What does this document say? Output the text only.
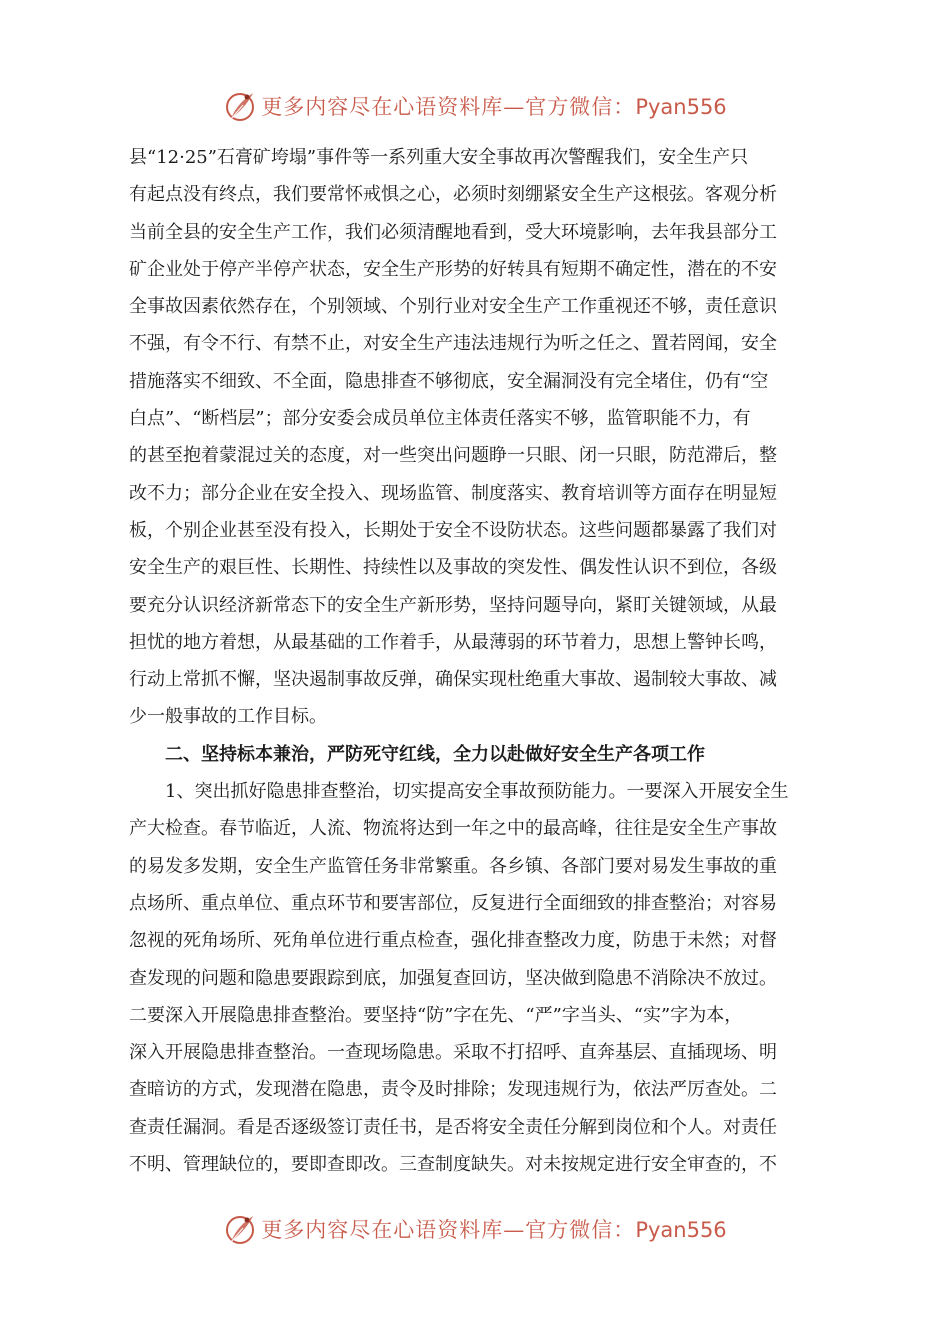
更多内容尽在心语资料库—官方微信：Pyan556
县“12·25”石膏矿垮塌”事件等一系列重大安全事故再次警醒我们，安全生产只
有起点没有终点，我们要常怀戒惧之心，必须时刻绷紧安全生产这根弦。客观分析
当前全县的安全生产工作，我们必须清醒地看到，受大环境影响，去年我县部分工
矿企业处于停产半停产状态，安全生产形势的好转具有短期不确定性，潜在的不安
全事故因素依然存在，个别领域、个别行业对安全生产工作重视还不够，责任意识
不强，有令不行、有禁不止，对安全生产违法违规行为听之任之、置若罔闻，安全
措施落实不细致、不全面，隐患排查不够彻底，安全漏洞没有完全堵住，仍有“空
白点”、“断档层”；部分安委会成员单位主体责任落实不够，监管职能不力，有
的甚至抱着蒙混过关的态度，对一些突出问题睁一只眼、闭一只眼，防范滞后，整
改不力；部分企业在安全投入、现场监管、制度落实、教育培训等方面存在明显短
板，个别企业甚至没有投入，长期处于安全不设防状态。这些问题都暴露了我们对
安全生产的艰巨性、长期性、持续性以及事故的突发性、偶发性认识不到位，各级
要充分认识经济新常态下的安全生产新形势，坚持问题导向，紧盯关键领域，从最
担忧的地方着想，从最基础的工作着手，从最薄弱的环节着力，思想上警钟长鸣，
行动上常抓不懈，坚决遏制事故反弹，确保实现杜绝重大事故、遏制较大事故、减
少一般事故的工作目标。
二、坚持标本兼治，严防死守红线，全力以赴做好安全生产各项工作
1、突出抓好隐患排查整治，切实提高安全事故预防能力。一要深入开展安全生
产大检查。春节临近，人流、物流将达到一年之中的最高峰，往往是安全生产事故
的易发多发期，安全生产监管任务非常繁重。各乡镇、各部门要对易发生事故的重
点场所、重点单位、重点环节和要害部位，反复进行全面细致的排查整治；对容易
忽视的死角场所、死角单位进行重点检查，强化排查整改力度，防患于未然；对督
查发现的问题和隐患要跟踪到底，加强复查回访，坚决做到隐患不消除决不放过。
二要深入开展隐患排查整治。要坚持“防”字在先、“严”字当头、“实”字为本，
深入开展隐患排查整治。一查现场隐患。采取不打招呼、直奔基层、直插现场、明
查暗访的方式，发现潜在隐患，责令及时排除；发现违规行为，依法严厉查处。二
查责任漏洞。看是否逐级签订责任书，是否将安全责任分解到岗位和个人。对责任
不明、管理缺位的，要即查即改。三查制度缺失。对未按规定进行安全审查的，不
更多内容尽在心语资料库—官方微信：Pyan556
